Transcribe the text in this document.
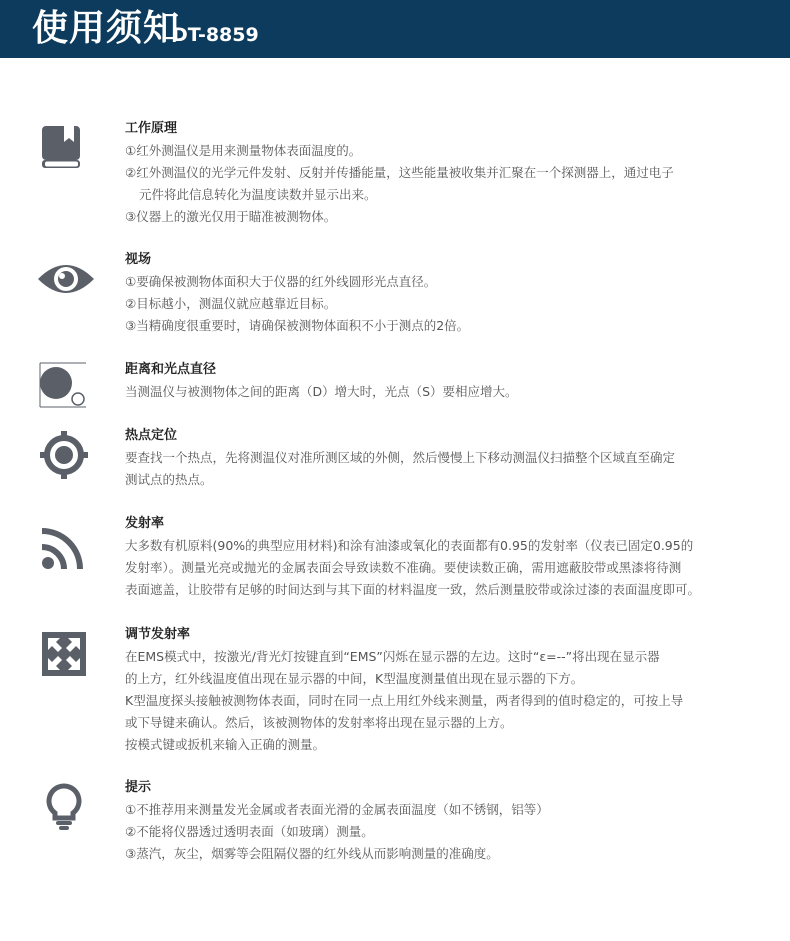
使用须知
DT-8859
工作原理
①红外测温仪是用来测量物体表面温度的。
②红外测温仪的光学元件发射、反射并传播能量，这些能量被收集并汇聚在一个探测器上，通过电子
元件将此信息转化为温度读数并显示出来。
③仪器上的激光仅用于瞄准被测物体。
视场
①要确保被测物体面积大于仪器的红外线圆形光点直径。
②目标越小，测温仪就应越靠近目标。
③当精确度很重要时，请确保被测物体面积不小于测点的2倍。
距离和光点直径
当测温仪与被测物体之间的距离（D）增大时，光点（S）要相应增大。
热点定位
要查找一个热点，先将测温仪对准所测区域的外侧，然后慢慢上下移动测温仪扫描整个区域直至确定
测试点的热点。
发射率
大多数有机原料(90%的典型应用材料)和涂有油漆或氧化的表面都有0.95的发射率（仪表已固定0.95的
发射率）。测量光亮或抛光的金属表面会导致读数不准确。要使读数正确，需用遮蔽胶带或黑漆将待测
表面遮盖，让胶带有足够的时间达到与其下面的材料温度一致，然后测量胶带或涂过漆的表面温度即可。
调节发射率
在EMS模式中，按激光/背光灯按键直到“EMS”闪烁在显示器的左边。这时“ε=--”将出现在显示器
的上方，红外线温度值出现在显示器的中间，K型温度测量值出现在显示器的下方。
K型温度探头接触被测物体表面，同时在同一点上用红外线来测量，两者得到的值时稳定的，可按上导
或下导键来确认。然后，该被测物体的发射率将出现在显示器的上方。
按模式键或扳机来输入正确的测量。
提示
①不推荐用来测量发光金属或者表面光滑的金属表面温度（如不锈钢，铝等）
②不能将仪器透过透明表面（如玻璃）测量。
③蒸汽，灰尘，烟雾等会阻隔仪器的红外线从而影响测量的准确度。
